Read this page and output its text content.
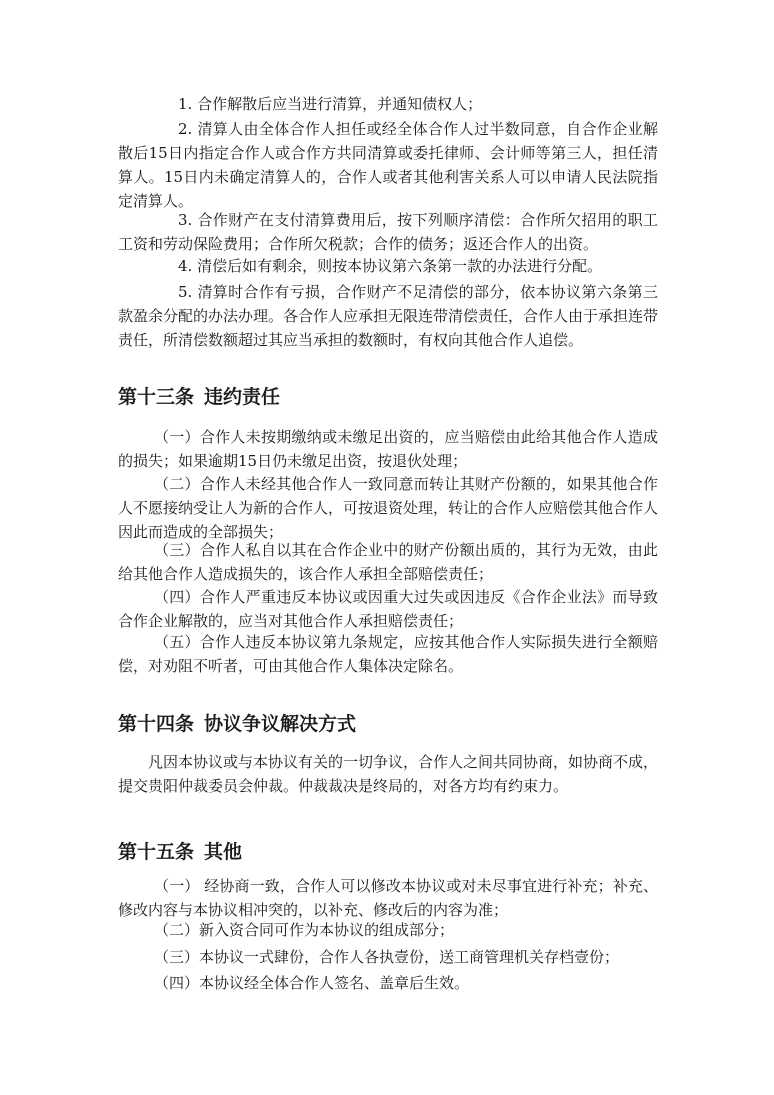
1. 合作解散后应当进行清算，并通知债权人；

2. 清算人由全体合作人担任或经全体合作人过半数同意，自合作企业解散后15日内指定合作人或合作方共同清算或委托律师、会计师等第三人，担任清算人。15日内未确定清算人的，合作人或者其他利害关系人可以申请人民法院指定清算人。

3. 合作财产在支付清算费用后，按下列顺序清偿：合作所欠招用的职工工资和劳动保险费用；合作所欠税款；合作的债务；返还合作人的出资。

4. 清偿后如有剩余，则按本协议第六条第一款的办法进行分配。

5. 清算时合作有亏损，合作财产不足清偿的部分，依本协议第六条第三款盈余分配的办法办理。各合作人应承担无限连带清偿责任，合作人由于承担连带责任，所清偿数额超过其应当承担的数额时，有权向其他合作人追偿。

第十三条 违约责任

（一）合作人未按期缴纳或未缴足出资的，应当赔偿由此给其他合作人造成的损失；如果逾期15日仍未缴足出资，按退伙处理；

（二）合作人未经其他合作人一致同意而转让其财产份额的，如果其他合作人不愿接纳受让人为新的合作人，可按退资处理，转让的合作人应赔偿其他合作人因此而造成的全部损失；

（三）合作人私自以其在合作企业中的财产份额出质的，其行为无效，由此给其他合作人造成损失的，该合作人承担全部赔偿责任；

（四）合作人严重违反本协议或因重大过失或因违反《合作企业法》而导致合作企业解散的，应当对其他合作人承担赔偿责任；

（五）合作人违反本协议第九条规定，应按其他合作人实际损失进行全额赔偿，对劝阻不听者，可由其他合作人集体决定除名。

第十四条 协议争议解决方式

凡因本协议或与本协议有关的一切争议，合作人之间共同协商，如协商不成，提交贵阳仲裁委员会仲裁。仲裁裁决是终局的，对各方均有约束力。

第十五条 其他

（一） 经协商一致，合作人可以修改本协议或对未尽事宜进行补充；补充、修改内容与本协议相冲突的，以补充、修改后的内容为准；

（二）新入资合同可作为本协议的组成部分；

（三）本协议一式肆份，合作人各执壹份，送工商管理机关存档壹份；

（四）本协议经全体合作人签名、盖章后生效。
